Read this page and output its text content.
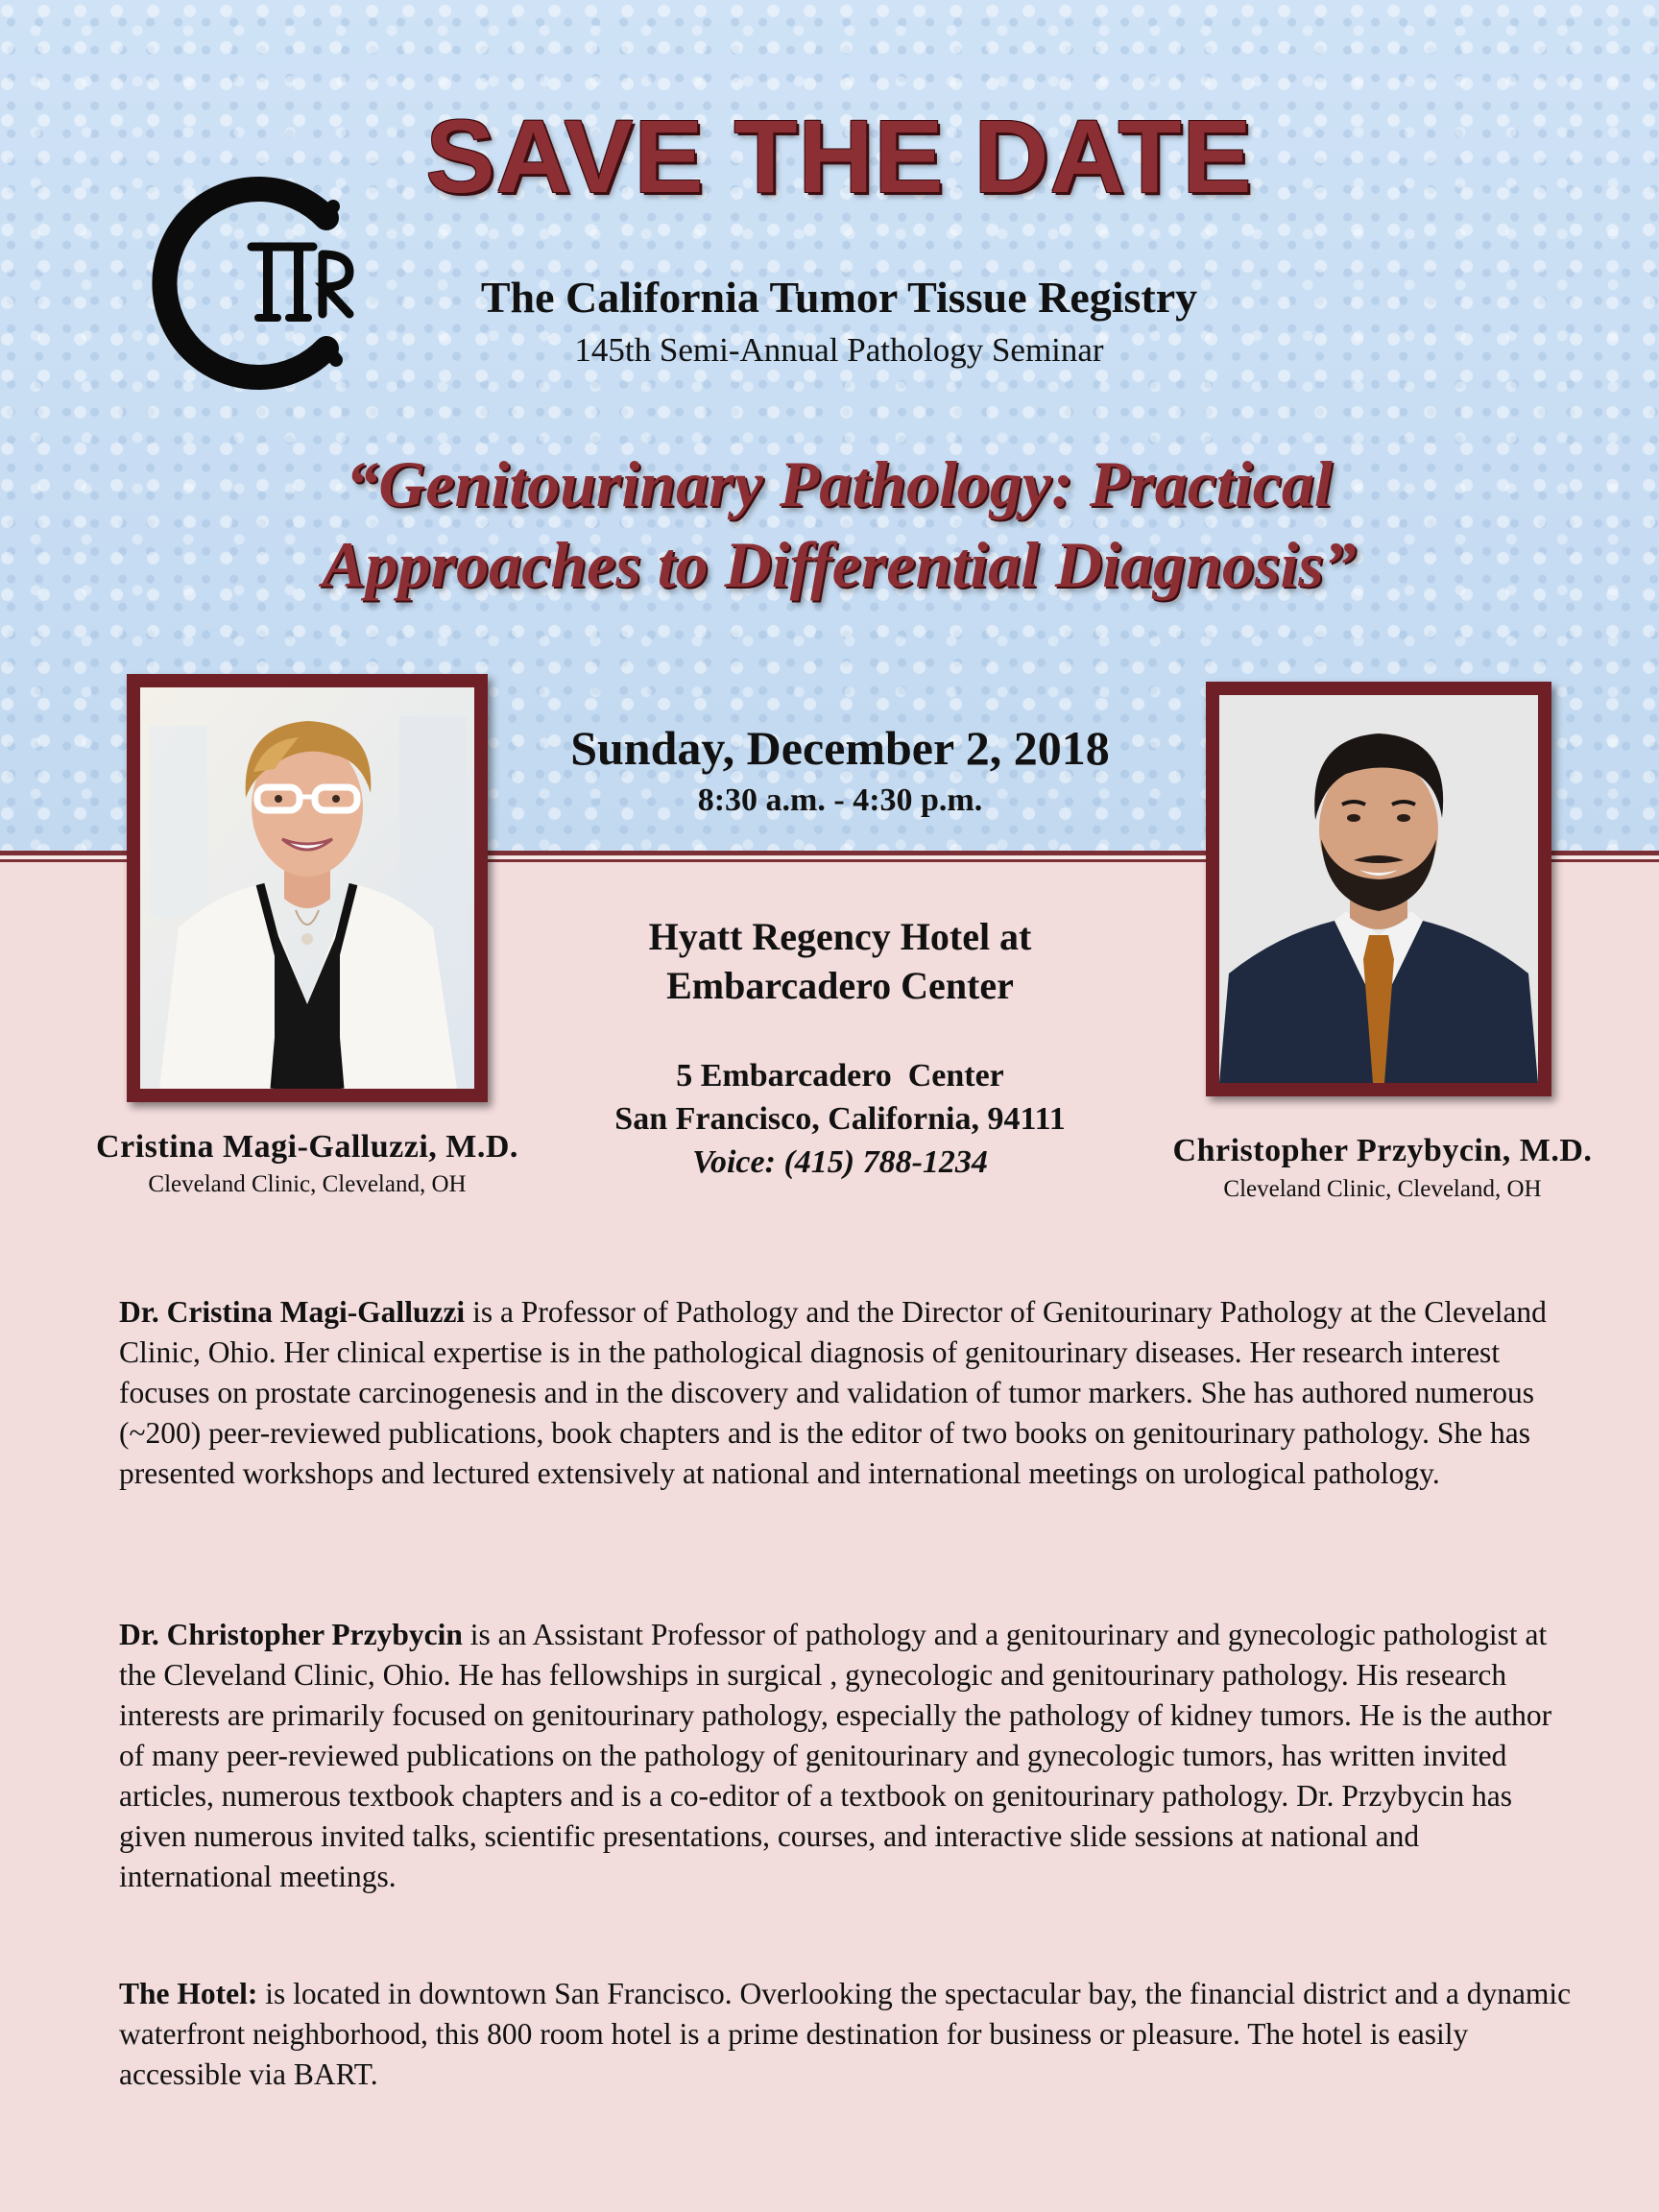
SAVE THE DATE
The California Tumor Tissue Registry
145th Semi-Annual Pathology Seminar
“Genitourinary Pathology: Practical
Approaches to Differential Diagnosis”
Sunday, December 2, 2018
8:30 a.m. - 4:30 p.m.
Hyatt Regency Hotel at
Embarcadero Center
5 Embarcadero  Center
San Francisco, California, 94111
Voice: (415) 788-1234
Cristina Magi-Galluzzi, M.D.
Cleveland Clinic, Cleveland, OH
Christopher Przybycin, M.D.
Cleveland Clinic, Cleveland, OH
Dr. Cristina Magi-Galluzzi is a Professor of Pathology and the Director of Genitourinary Pathology at the Cleveland Clinic, Ohio. Her clinical expertise is in the pathological diagnosis of genitourinary diseases. Her research interest focuses on prostate carcinogenesis and in the discovery and validation of tumor markers. She has authored numerous (~200) peer-reviewed publications, book chapters and is the editor of two books on genitourinary pathology. She has presented workshops and lectured extensively at national and international meetings on urological pathology.
Dr. Christopher Przybycin is an Assistant Professor of pathology and a genitourinary and gynecologic pathologist at the Cleveland Clinic, Ohio. He has fellowships in surgical , gynecologic and genitourinary pathology. His research interests are primarily focused on genitourinary pathology, especially the pathology of kidney tumors. He is the author of many peer-reviewed publications on the pathology of genitourinary and gynecologic tumors, has written invited articles, numerous textbook chapters and is a co-editor of a textbook on genitourinary pathology. Dr. Przybycin has given numerous invited talks, scientific presentations, courses, and interactive slide sessions at national and international meetings.
The Hotel: is located in downtown San Francisco. Overlooking the spectacular bay, the financial district and a dynamic waterfront neighborhood, this 800 room hotel is a prime destination for business or pleasure. The hotel is easily accessible via BART.
